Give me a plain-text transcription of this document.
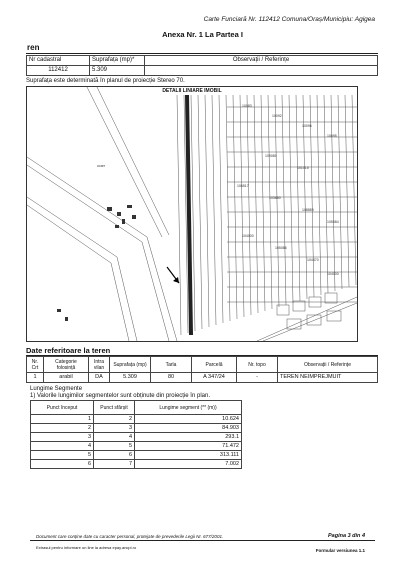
Carte Funciară Nr. 112412 Comuna/Oraș/Municipiu: Agigea
Anexa Nr. 1 La Partea I
ren
Nr cadastral	Suprafața (mp)*	Observații / Referințe
112412	5.309	
Suprafața este determinată în planul de proiecție Stereo 70.
DETALII LINIARE IMOBIL
ocarr
10083
10092
10096
10095
109080
101015
106517
103680
108889
105084
104000
105086
104470
104000
Date referitoare la teren
Nr. Crt	Categorie folosință	Intra vilan	Suprafața (mp)	Tarla	Parcelă	Nr. topo	Observații / Referințe
1	arabil	DA	5.309	80	A 347/24	-	TEREN NEIMPREJMUIT
Lungime Segmente
1) Valorile lungimilor segmentelor sunt obținute din proiecție în plan.
Punct început	Punct sfârșit	Lungime segment (** (m))
1	2	10.624
2	3	84.903
3	4	293.1
4	5	71.472
5	6	313.111
6	7	7.002
Document care conține date cu caracter personal, protejate de prevederile Legii Nr. 677/2001.	Pagina 3 din 4
Extrasul pentru informare on line la adresa epay.ancpi.ro
Formular versiunea 1.1
